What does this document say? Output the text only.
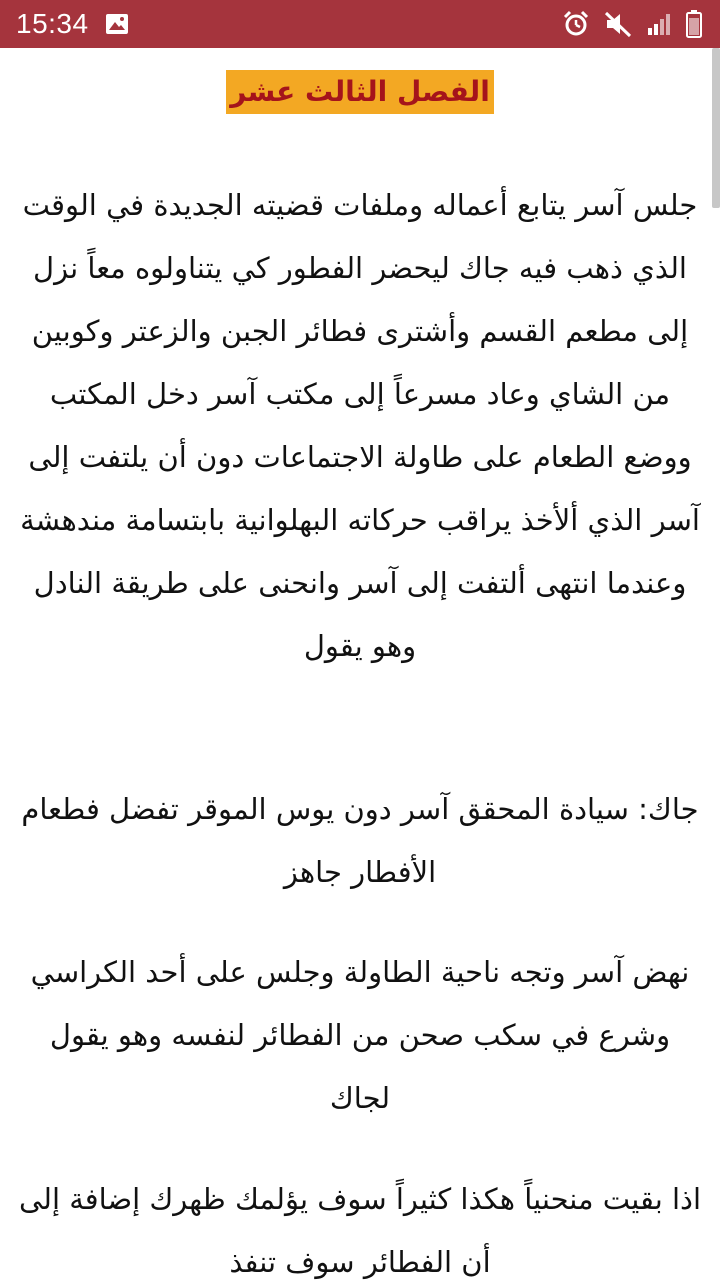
15:34
الفصل الثالث عشر

جلس آسر يتابع أعماله وملفات قضيته الجديدة في الوقت الذي ذهب فيه جاك ليحضر الفطور كي يتناولوه معاً نزل إلى مطعم القسم وأشترى فطائر الجبن والزعتر وكوبين من الشاي وعاد مسرعاً إلى مكتب آسر دخل المكتب ووضع الطعام على طاولة الاجتماعات دون أن يلتفت إلى آسر الذي ألأخذ يراقب حركاته البهلوانية بابتسامة مندهشة وعندما انتهى ألتفت إلى آسر وانحنى على طريقة النادل وهو يقول

جاك: سيادة المحقق آسر دون يوس الموقر تفضل فطعام الأفطار جاهز

نهض آسر وتجه ناحية الطاولة وجلس على أحد الكراسي وشرع في سكب صحن من الفطائر لنفسه وهو يقول لجاك

اذا بقيت منحنياً هكذا كثيراً سوف يؤلمك ظهرك إضافة إلى أن الفطائر سوف تنفذ
